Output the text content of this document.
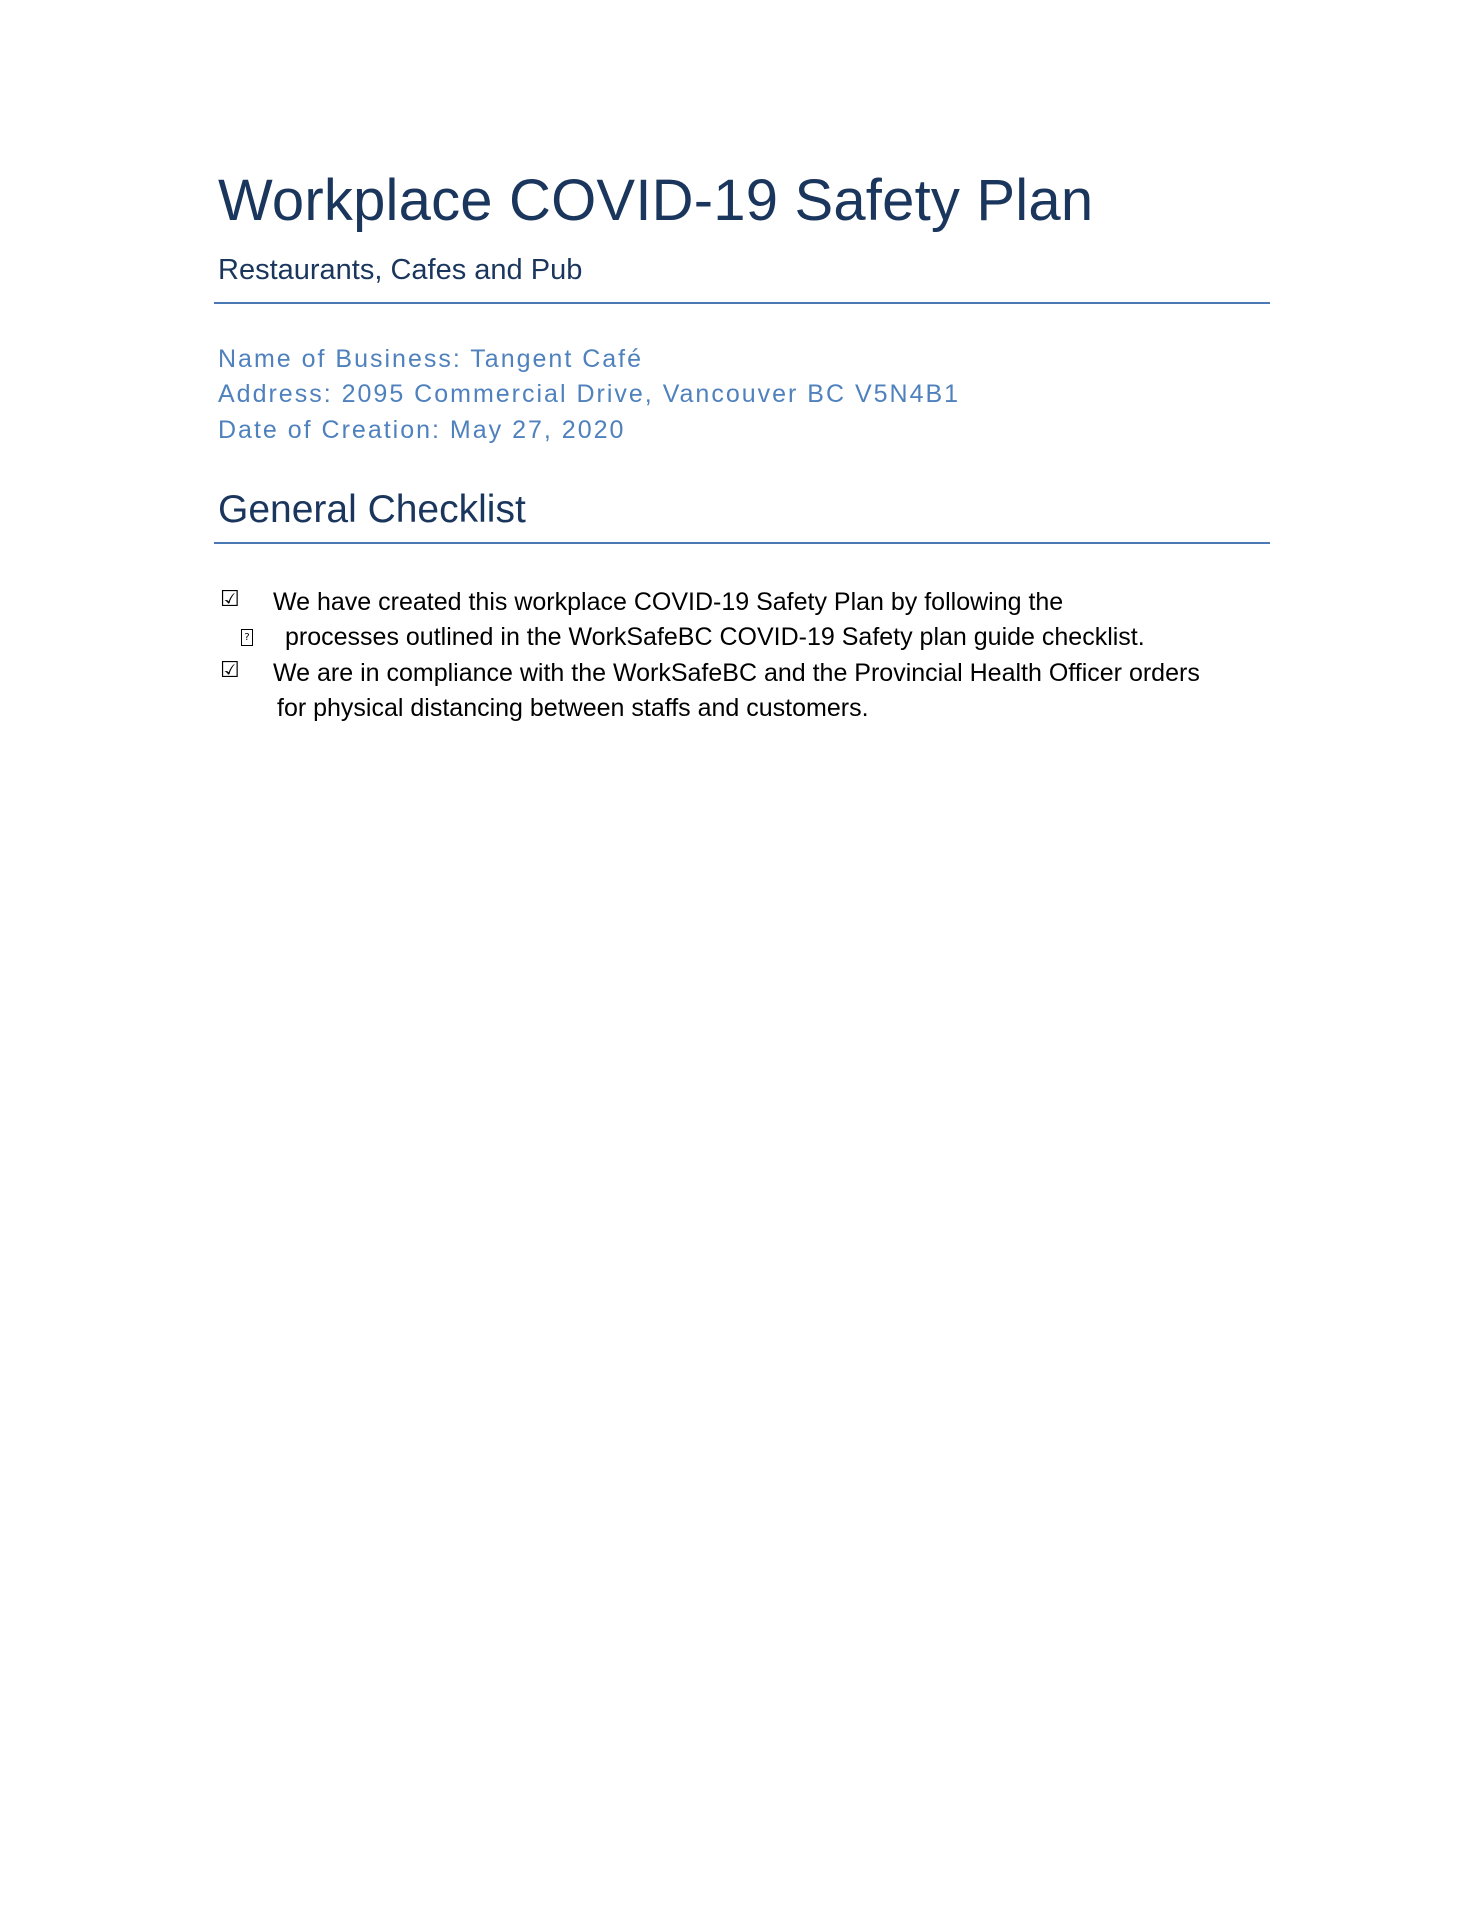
Workplace COVID-19 Safety Plan
Restaurants, Cafes and Pub
Name of Business: Tangent Café
Address: 2095 Commercial Drive, Vancouver BC V5N4B1
Date of Creation: May 27, 2020
General Checklist
☑ We have created this workplace COVID-19 Safety Plan by following the
? processes outlined in the WorkSafeBC COVID-19 Safety plan guide checklist.
☑ We are in compliance with the WorkSafeBC and the Provincial Health Officer orders
for physical distancing between staffs and customers.
